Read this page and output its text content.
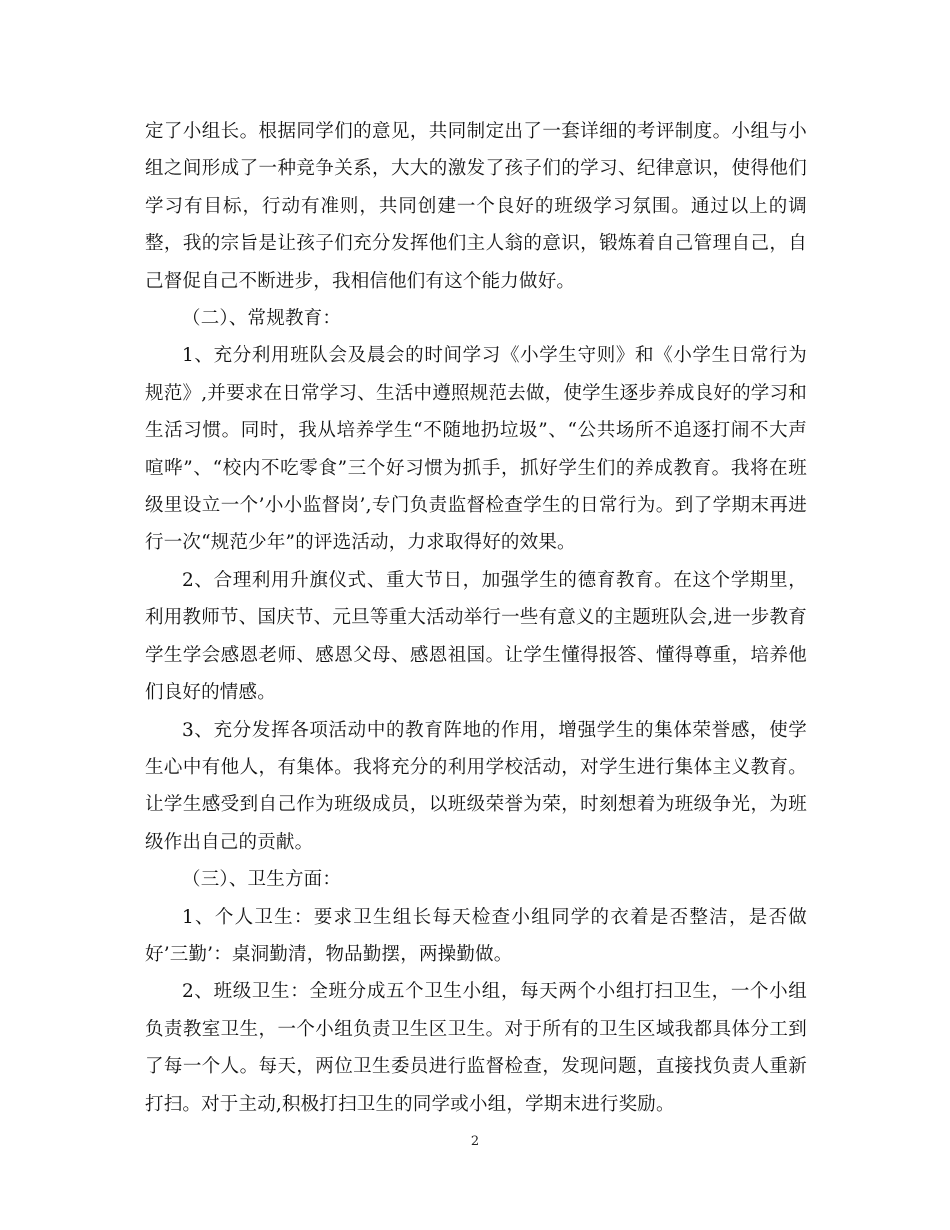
定了小组长。根据同学们的意见，共同制定出了一套详细的考评制度。小组与小组之间形成了一种竞争关系，大大的激发了孩子们的学习、纪律意识，使得他们学习有目标，行动有准则，共同创建一个良好的班级学习氛围。通过以上的调整，我的宗旨是让孩子们充分发挥他们主人翁的意识，锻炼着自己管理自己，自己督促自己不断进步，我相信他们有这个能力做好。

（二）、常规教育：

1、充分利用班队会及晨会的时间学习《小学生守则》和《小学生日常行为规范》,并要求在日常学习、生活中遵照规范去做，使学生逐步养成良好的学习和生活习惯。同时，我从培养学生“不随地扔垃圾”、“公共场所不追逐打闹不大声喧哗”、“校内不吃零食”三个好习惯为抓手，抓好学生们的养成教育。我将在班级里设立一个’小小监督岗’,专门负责监督检查学生的日常行为。到了学期末再进行一次“规范少年”的评选活动，力求取得好的效果。

2、合理利用升旗仪式、重大节日，加强学生的德育教育。在这个学期里，利用教师节、国庆节、元旦等重大活动举行一些有意义的主题班队会,进一步教育学生学会感恩老师、感恩父母、感恩祖国。让学生懂得报答、懂得尊重，培养他们良好的情感。

3、充分发挥各项活动中的教育阵地的作用，增强学生的集体荣誉感，使学生心中有他人，有集体。我将充分的利用学校活动，对学生进行集体主义教育。让学生感受到自己作为班级成员，以班级荣誉为荣，时刻想着为班级争光，为班级作出自己的贡献。

（三）、卫生方面：

1、个人卫生：要求卫生组长每天检查小组同学的衣着是否整洁，是否做好’三勤’：桌洞勤清，物品勤摆，两操勤做。

2、班级卫生：全班分成五个卫生小组，每天两个小组打扫卫生，一个小组负责教室卫生，一个小组负责卫生区卫生。对于所有的卫生区域我都具体分工到了每一个人。每天，两位卫生委员进行监督检查，发现问题，直接找负责人重新打扫。对于主动,积极打扫卫生的同学或小组，学期末进行奖励。

2
